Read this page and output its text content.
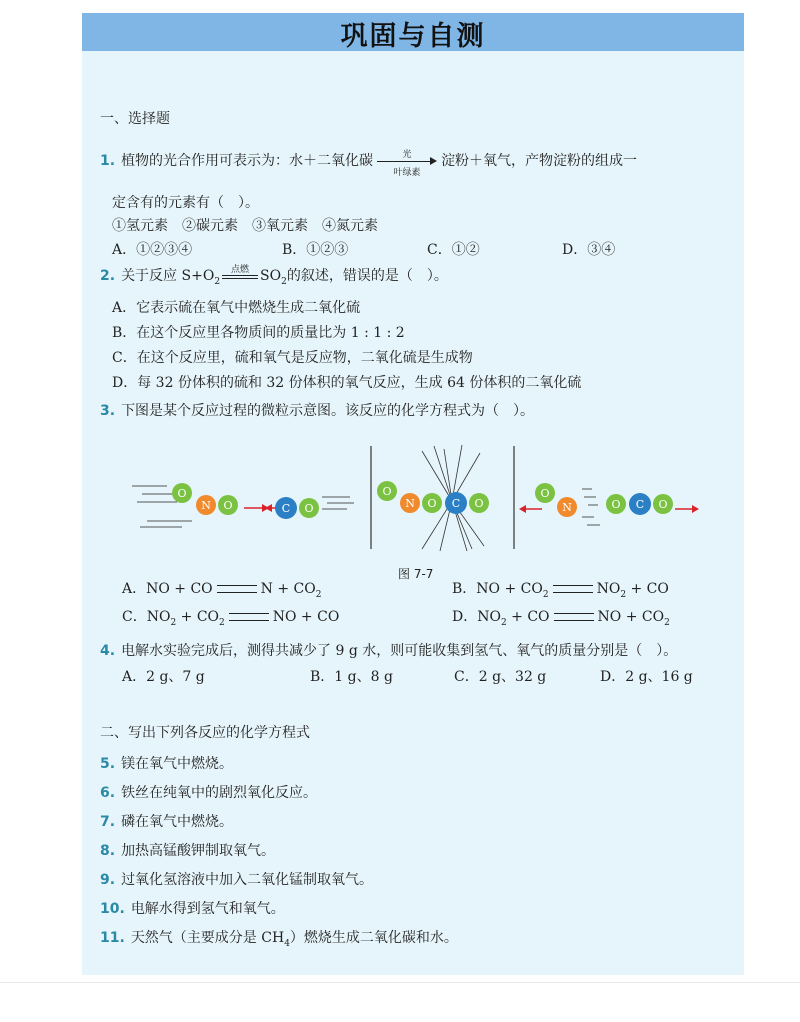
巩固与自测
一、选择题
1. 植物的光合作用可表示为：水＋二氧化碳	光
叶绿素
淀粉＋氧气，产物淀粉的组成一
定含有的元素有（　）。
①氢元素　②碳元素　③氧元素　④氮元素
A．①②③④	B．①②③	C．①②	D．③④
2. 关于反应 $S+O_2$
点燃 $SO_2$的叙述，错误的是（　）。
A．它表示硫在氧气中燃烧生成二氧化硫
B．在这个反应里各物质间的质量比为 1 : 1 : 2
C．在这个反应里，硫和氧气是反应物，二氧化硫是生成物
D．每 32 份体积的硫和 32 份体积的氧气反应，生成 64 份体积的二氧化硫
3. 下图是某个反应过程的微粒示意图。该反应的化学方程式为（　）。
O
N O	C O
O
N O C O
O
N	O C O
图 7-7
A．NO + CO	$N + CO_2$	B．NO + $CO_2$	$NO_2$ + CO
C．$NO_2 + CO_2$	NO + CO	D．$NO_2$ + CO	NO + $CO_2$
4. 电解水实验完成后，测得共减少了 9 g 水，则可能收集到氢气、氧气的质量分别是（　）。
A．2 g、7 g	B．1 g、8 g	C．2 g、32 g	D．2 g、16 g
二、写出下列各反应的化学方程式
5. 镁在氧气中燃烧。
6. 铁丝在纯氧中的剧烈氧化反应。
7. 磷在氧气中燃烧。
8. 加热高锰酸钾制取氧气。
9. 过氧化氢溶液中加入二氧化锰制取氧气。
10. 电解水得到氢气和氧气。
11. 天然气（主要成分是 $CH_4$）燃烧生成二氧化碳和水。
